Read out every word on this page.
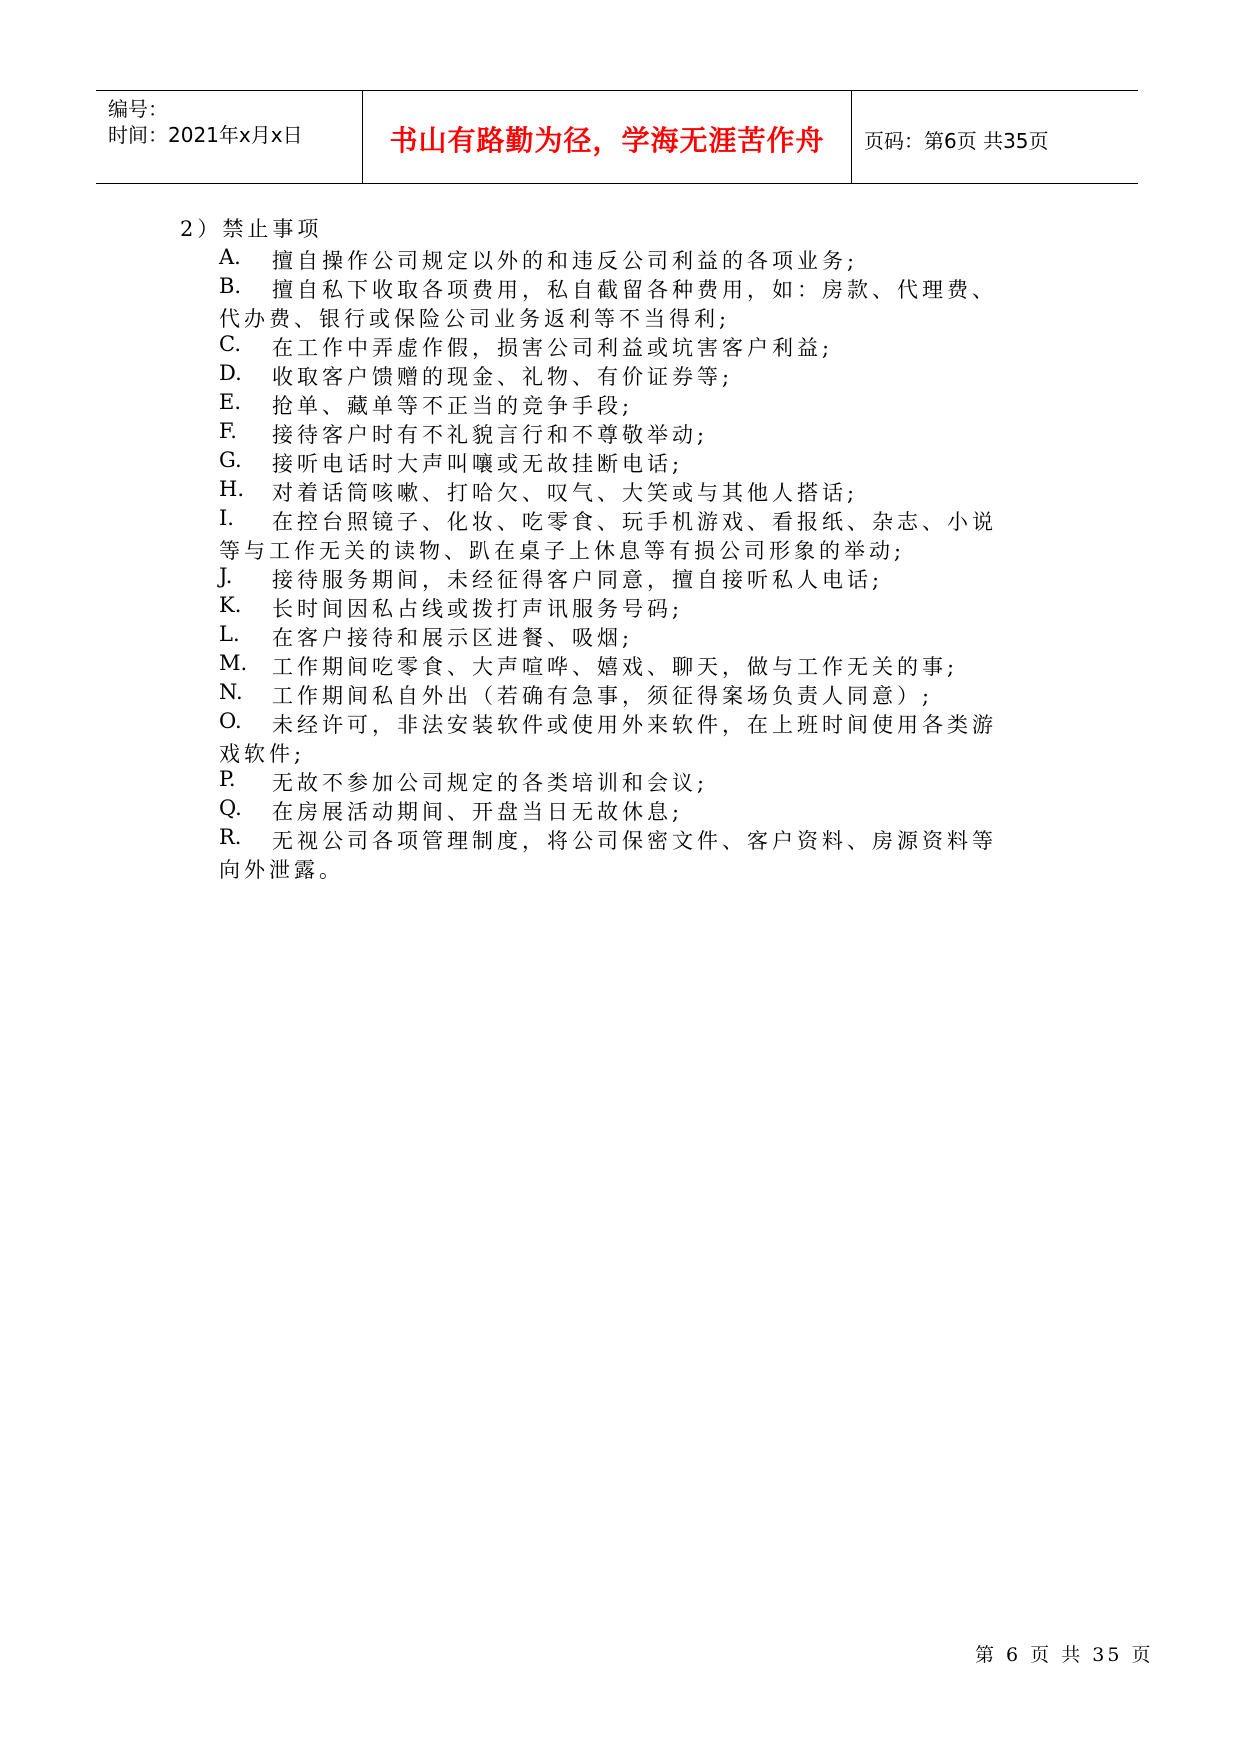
编号：
时间：2021年x月x日	书山有路勤为径，学海无涯苦作舟	页码：第6页 共35页
2）禁止事项
A.	擅自操作公司规定以外的和违反公司利益的各项业务;
B.	擅自私下收取各项费用，私自截留各种费用，如：房款、代理费、
代办费、银行或保险公司业务返利等不当得利;
C.	在工作中弄虚作假，损害公司利益或坑害客户利益;
D.	收取客户馈赠的现金、礼物、有价证券等;
E.	抢单、藏单等不正当的竞争手段;
F.	接待客户时有不礼貌言行和不尊敬举动;
G.	接听电话时大声叫嚷或无故挂断电话;
H.	对着话筒咳嗽、打哈欠、叹气、大笑或与其他人搭话;
I.	在控台照镜子、化妆、吃零食、玩手机游戏、看报纸、杂志、小说
等与工作无关的读物、趴在桌子上休息等有损公司形象的举动;
J.	接待服务期间，未经征得客户同意，擅自接听私人电话;
K.	长时间因私占线或拨打声讯服务号码;
L.	在客户接待和展示区进餐、吸烟;
M.	工作期间吃零食、大声喧哗、嬉戏、聊天，做与工作无关的事;
N.	工作期间私自外出（若确有急事，须征得案场负责人同意）;
O.	未经许可，非法安装软件或使用外来软件，在上班时间使用各类游
戏软件;
P.	无故不参加公司规定的各类培训和会议;
Q.	在房展活动期间、开盘当日无故休息;
R.	无视公司各项管理制度，将公司保密文件、客户资料、房源资料等
向外泄露。
第 6 页 共 35 页
